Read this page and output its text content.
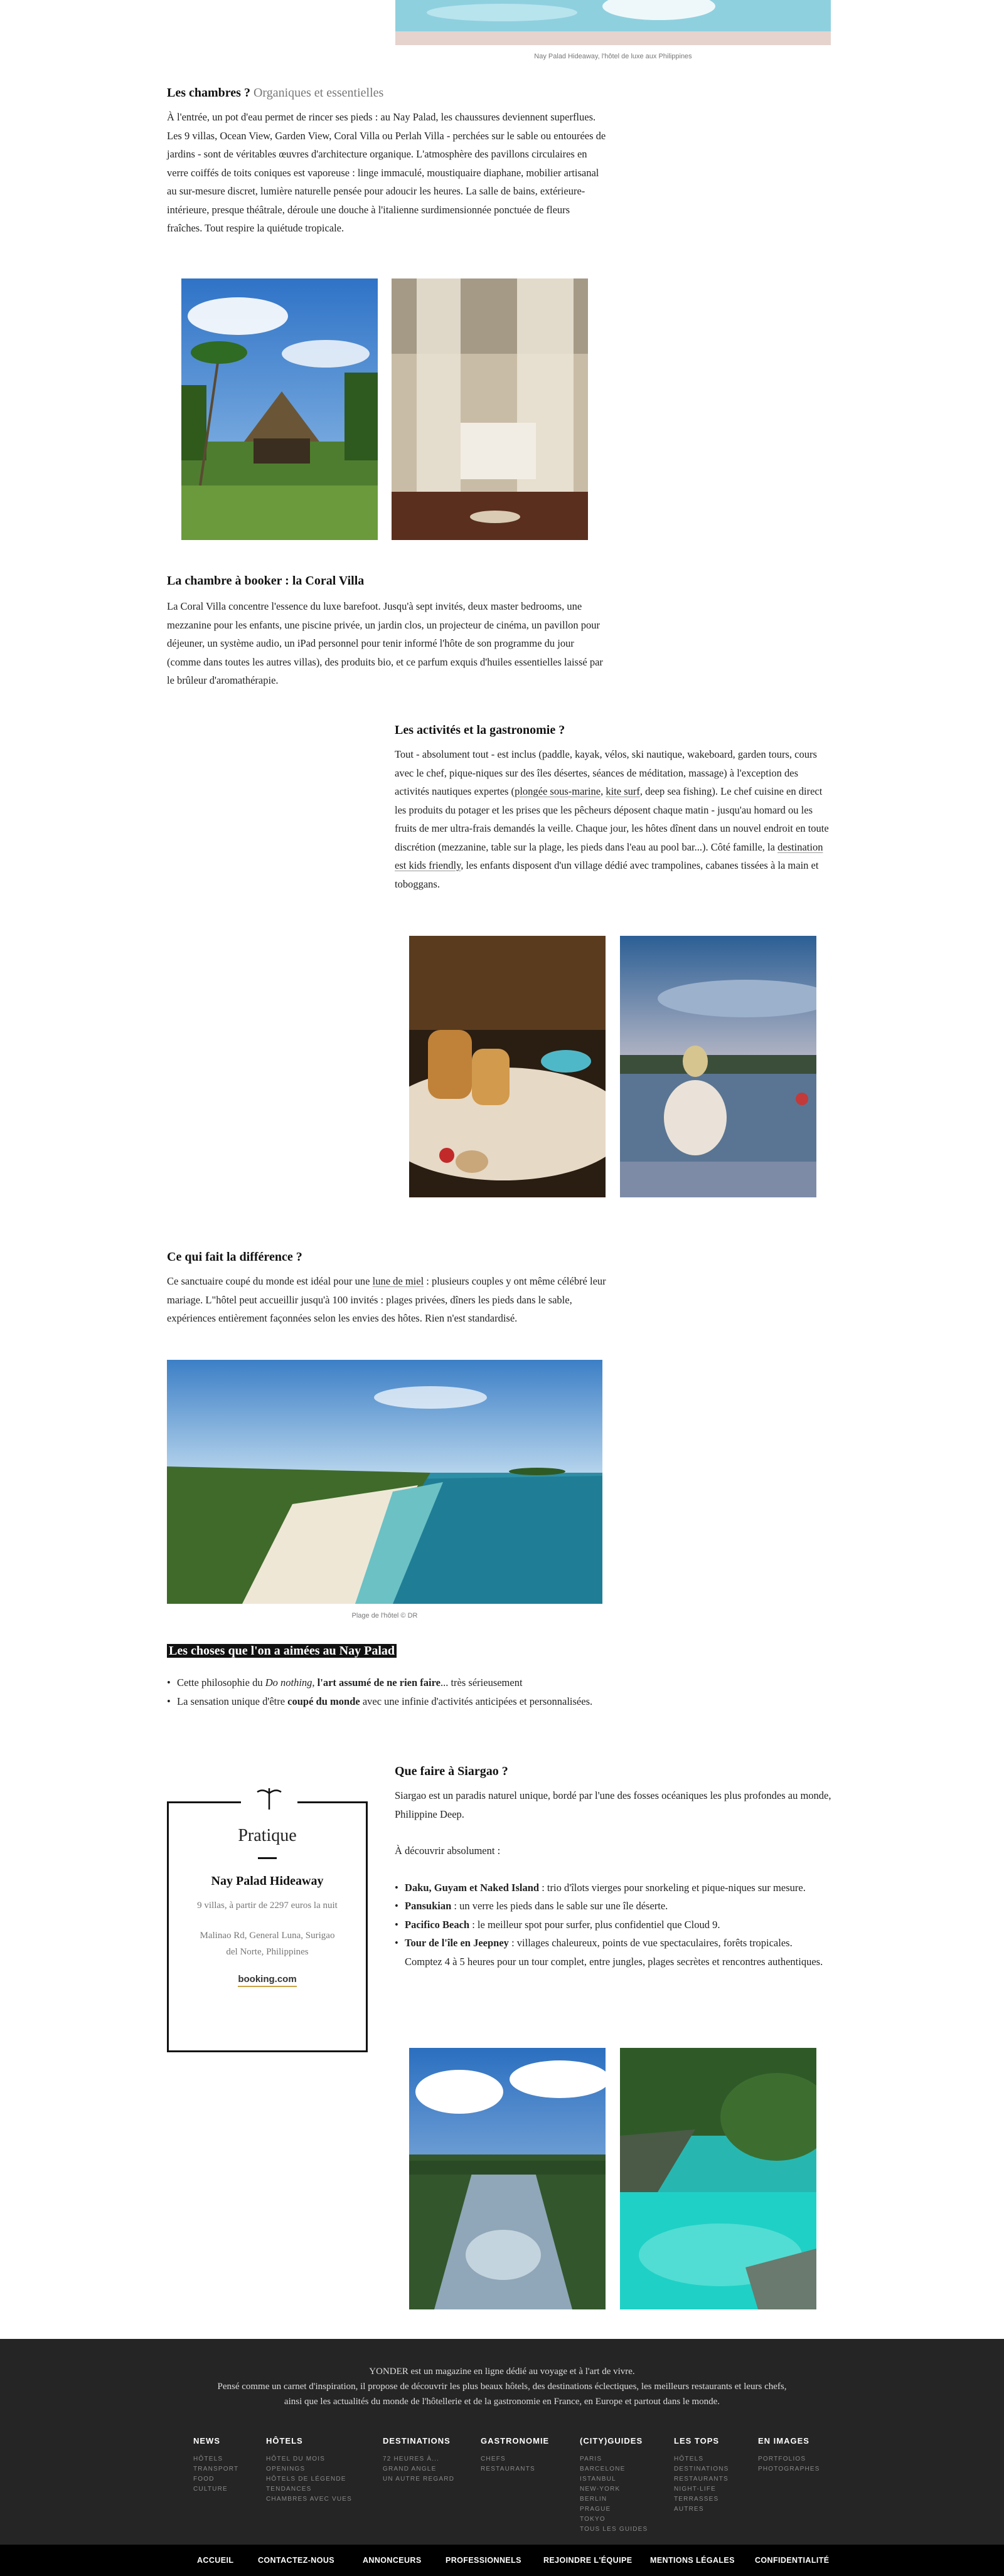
Nay Palad Hideaway, l'hôtel de luxe aux Philippines
Les chambres ? Organiques et essentielles

À l'entrée, un pot d'eau permet de rincer ses pieds : au Nay Palad, les chaussures deviennent superflues. Les 9 villas, Ocean View, Garden View, Coral Villa ou Perlah Villa - perchées sur le sable ou entourées de jardins - sont de véritables œuvres d'architecture organique. L'atmosphère des pavillons circulaires en verre coiffés de toits coniques est vaporeuse : linge immaculé, moustiquaire diaphane, mobilier artisanal au sur-mesure discret, lumière naturelle pensée pour adoucir les heures. La salle de bains, extérieure-intérieure, presque théâtrale, déroule une douche à l'italienne surdimensionnée ponctuée de fleurs fraîches. Tout respire la quiétude tropicale.

La chambre à booker : la Coral Villa

La Coral Villa concentre l'essence du luxe barefoot. Jusqu'à sept invités, deux master bedrooms, une mezzanine pour les enfants, une piscine privée, un jardin clos, un projecteur de cinéma, un pavillon pour déjeuner, un système audio, un iPad personnel pour tenir informé l'hôte de son programme du jour (comme dans toutes les autres villas), des produits bio, et ce parfum exquis d'huiles essentielles laissé par le brûleur d'aromathérapie.

Les activités et la gastronomie ?

Tout - absolument tout - est inclus (paddle, kayak, vélos, ski nautique, wakeboard, garden tours, cours avec le chef, pique-niques sur des îles désertes, séances de méditation, massage) à l'exception des activités nautiques expertes (plongée sous-marine, kite surf, deep sea fishing). Le chef cuisine en direct les produits du potager et les prises que les pêcheurs déposent chaque matin - jusqu'au homard ou les fruits de mer ultra-frais demandés la veille. Chaque jour, les hôtes dînent dans un nouvel endroit en toute discrétion (mezzanine, table sur la plage, les pieds dans l'eau au pool bar...). Côté famille, la destination est kids friendly, les enfants disposent d'un village dédié avec trampolines, cabanes tissées à la main et toboggans.

Ce qui fait la différence ?

Ce sanctuaire coupé du monde est idéal pour une lune de miel : plusieurs couples y ont même célébré leur mariage. L"hôtel peut accueillir jusqu'à 100 invités : plages privées, dîners les pieds dans le sable, expériences entièrement façonnées selon les envies des hôtes. Rien n'est standardisé.

Plage de l'hôtel © DR
Les choses que l'on a aimées au Nay Palad
• Cette philosophie du Do nothing, l'art assumé de ne rien faire... très sérieusement
• La sensation unique d'être coupé du monde avec une infinie d'activités anticipées et personnalisées.
Pratique
Nay Palad Hideaway
9 villas, à partir de 2297 euros la nuit
Malinao Rd, General Luna, Surigao del Norte, Philippines
booking.com
Que faire à Siargao ?

Siargao est un paradis naturel unique, bordé par l'une des fosses océaniques les plus profondes au monde, Philippine Deep.

À découvrir absolument :

• Daku, Guyam et Naked Island : trio d'îlots vierges pour snorkeling et pique-niques sur mesure.
• Pansukian : un verre les pieds dans le sable sur une île déserte.
• Pacifico Beach : le meilleur spot pour surfer, plus confidentiel que Cloud 9.
• Tour de l'île en Jeepney : villages chaleureux, points de vue spectaculaires, forêts tropicales.

Comptez 4 à 5 heures pour un tour complet, entre jungles, plages secrètes et rencontres authentiques.

YONDER est un magazine en ligne dédié au voyage et à l'art de vivre.
Pensé comme un carnet d'inspiration, il propose de découvrir les plus beaux hôtels, des destinations éclectiques, les meilleurs restaurants et leurs chefs,
ainsi que les actualités du monde de l'hôtellerie et de la gastronomie en France, en Europe et partout dans le monde.
NEWS
HÔTELS
TRANSPORT
FOOD
CULTURE
HÔTELS
HÔTEL DU MOIS
OPENINGS
HÔTELS DE LÉGENDE
TENDANCES
CHAMBRES AVEC VUES
DESTINATIONS
72 HEURES À...
GRAND ANGLE
UN AUTRE REGARD
GASTRONOMIE
CHEFS
RESTAURANTS
(CITY)GUIDES
PARIS
BARCELONE
ISTANBUL
NEW-YORK
BERLIN
PRAGUE
TOKYO
TOUS LES GUIDES
LES TOPS
HÔTELS
DESTINATIONS
RESTAURANTS
NIGHT-LIFE
TERRASSES
AUTRES
EN IMAGES
PORTFOLIOS
PHOTOGRAPHES
ACCUEIL	CONTACTEZ-NOUS	ANNONCEURS	PROFESSIONNELS	REJOINDRE L'ÉQUIPE MENTIONS LÉGALES	CONFIDENTIALITÉ
